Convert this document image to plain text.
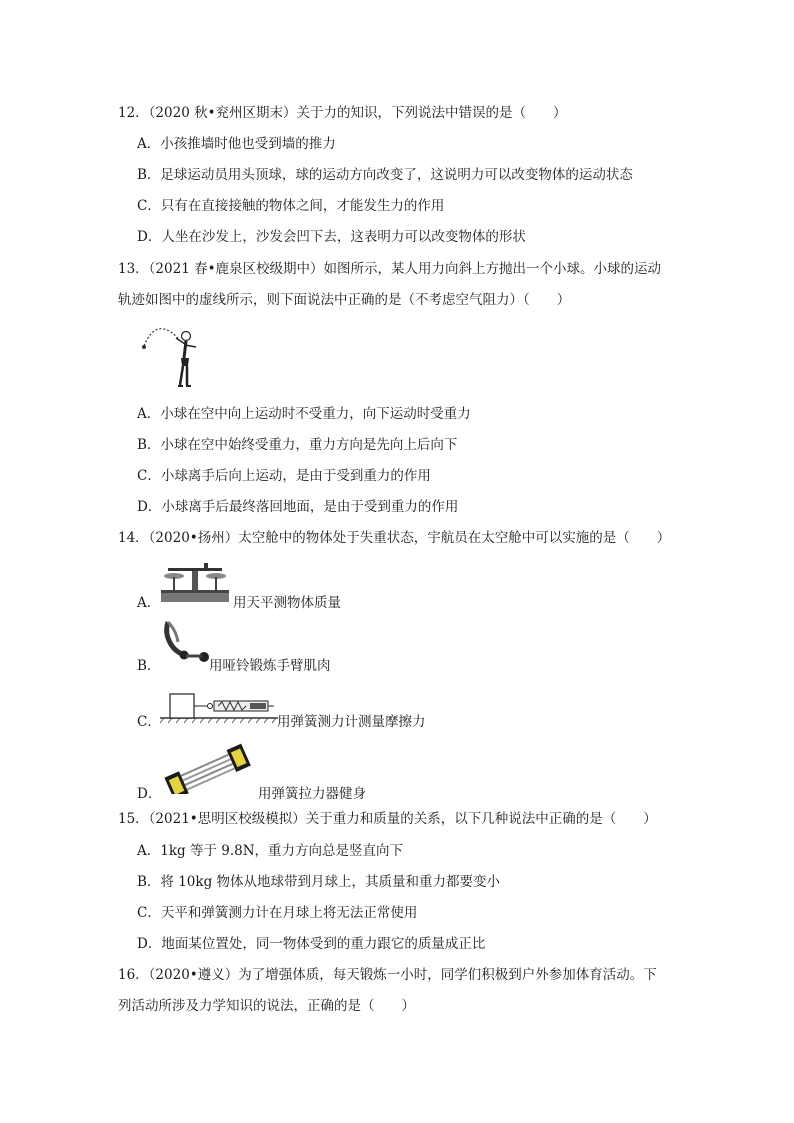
12．（2020 秋•兖州区期末）关于力的知识，下列说法中错误的是（　　）
A．小孩推墙时他也受到墙的推力
B．足球运动员用头顶球，球的运动方向改变了，这说明力可以改变物体的运动状态
C．只有在直接接触的物体之间，才能发生力的作用
D．人坐在沙发上，沙发会凹下去，这表明力可以改变物体的形状
13．（2021 春•鹿泉区校级期中）如图所示，某人用力向斜上方抛出一个小球。小球的运动
轨迹如图中的虚线所示，则下面说法中正确的是（不考虑空气阻力）（　　）
A．小球在空中向上运动时不受重力，向下运动时受重力
B．小球在空中始终受重力，重力方向是先向上后向下
C．小球离手后向上运动，是由于受到重力的作用
D．小球离手后最终落回地面，是由于受到重力的作用
14．（2020•扬州）太空舱中的物体处于失重状态，宇航员在太空舱中可以实施的是（　　）
A．	用天平测物体质量
B．	用哑铃锻炼手臂肌肉
C．	用弹簧测力计测量摩擦力
D．	用弹簧拉力器健身
15．（2021•思明区校级模拟）关于重力和质量的关系，以下几种说法中正确的是（　　）
A．1kg 等于 9.8N，重力方向总是竖直向下
B．将 10kg 物体从地球带到月球上，其质量和重力都要变小
C．天平和弹簧测力计在月球上将无法正常使用
D．地面某位置处，同一物体受到的重力跟它的质量成正比
16．（2020•遵义）为了增强体质，每天锻炼一小时，同学们积极到户外参加体育活动。下
列活动所涉及力学知识的说法，正确的是（　　）
